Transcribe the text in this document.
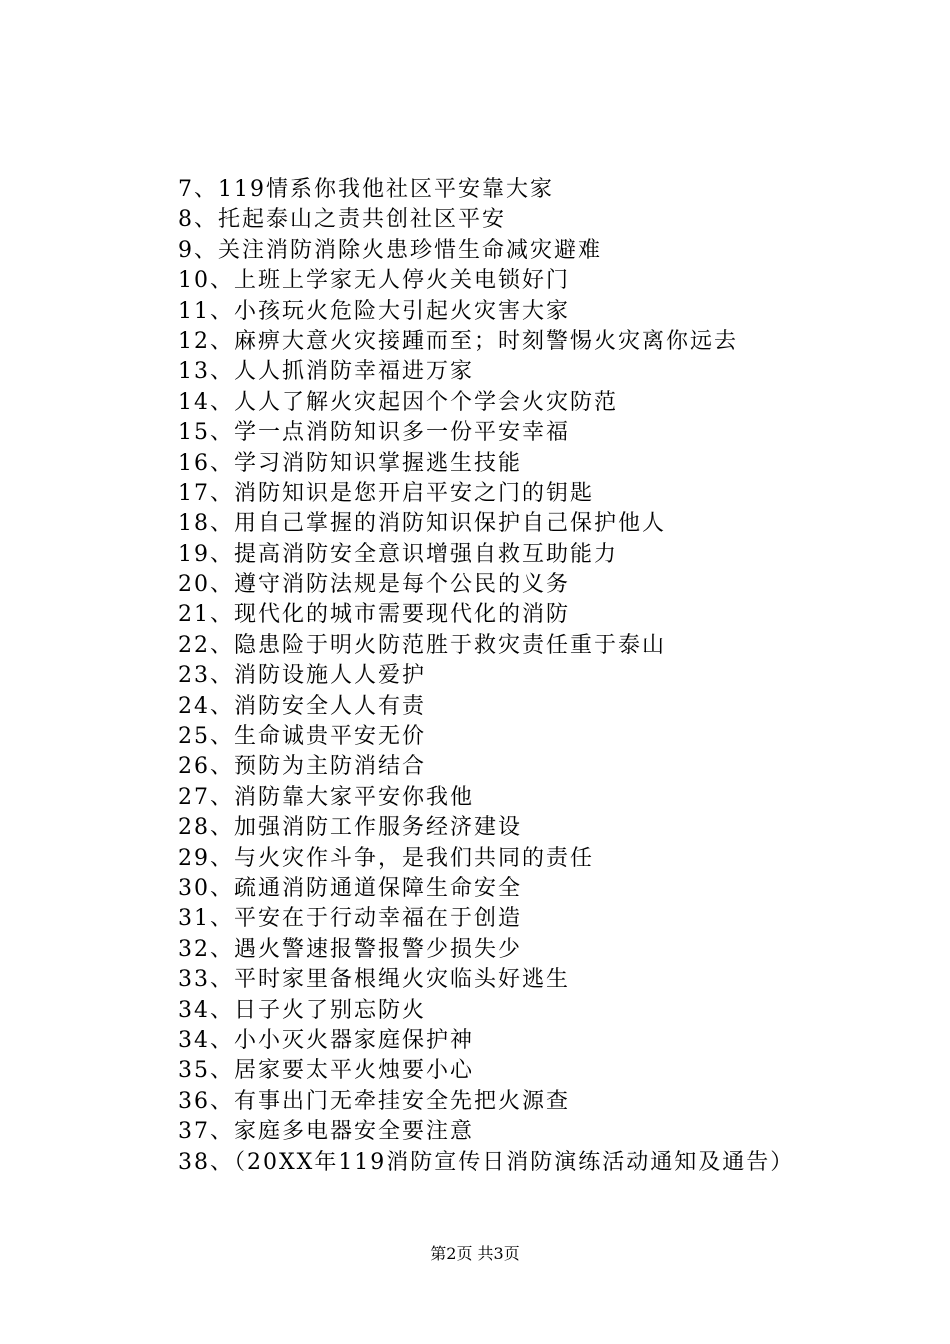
7、119情系你我他社区平安靠大家
8、托起泰山之责共创社区平安
9、关注消防消除火患珍惜生命减灾避难
10、上班上学家无人停火关电锁好门
11、小孩玩火危险大引起火灾害大家
12、麻痹大意火灾接踵而至；时刻警惕火灾离你远去
13、人人抓消防幸福进万家
14、人人了解火灾起因个个学会火灾防范
15、学一点消防知识多一份平安幸福
16、学习消防知识掌握逃生技能
17、消防知识是您开启平安之门的钥匙
18、用自己掌握的消防知识保护自己保护他人
19、提高消防安全意识增强自救互助能力
20、遵守消防法规是每个公民的义务
21、现代化的城市需要现代化的消防
22、隐患险于明火防范胜于救灾责任重于泰山
23、消防设施人人爱护
24、消防安全人人有责
25、生命诚贵平安无价
26、预防为主防消结合
27、消防靠大家平安你我他
28、加强消防工作服务经济建设
29、与火灾作斗争，是我们共同的责任
30、疏通消防通道保障生命安全
31、平安在于行动幸福在于创造
32、遇火警速报警报警少损失少
33、平时家里备根绳火灾临头好逃生
34、日子火了别忘防火
34、小小灭火器家庭保护神
35、居家要太平火烛要小心
36、有事出门无牵挂安全先把火源查
37、家庭多电器安全要注意
38、（20XX年119消防宣传日消防演练活动通知及通告）
第2页 共3页
